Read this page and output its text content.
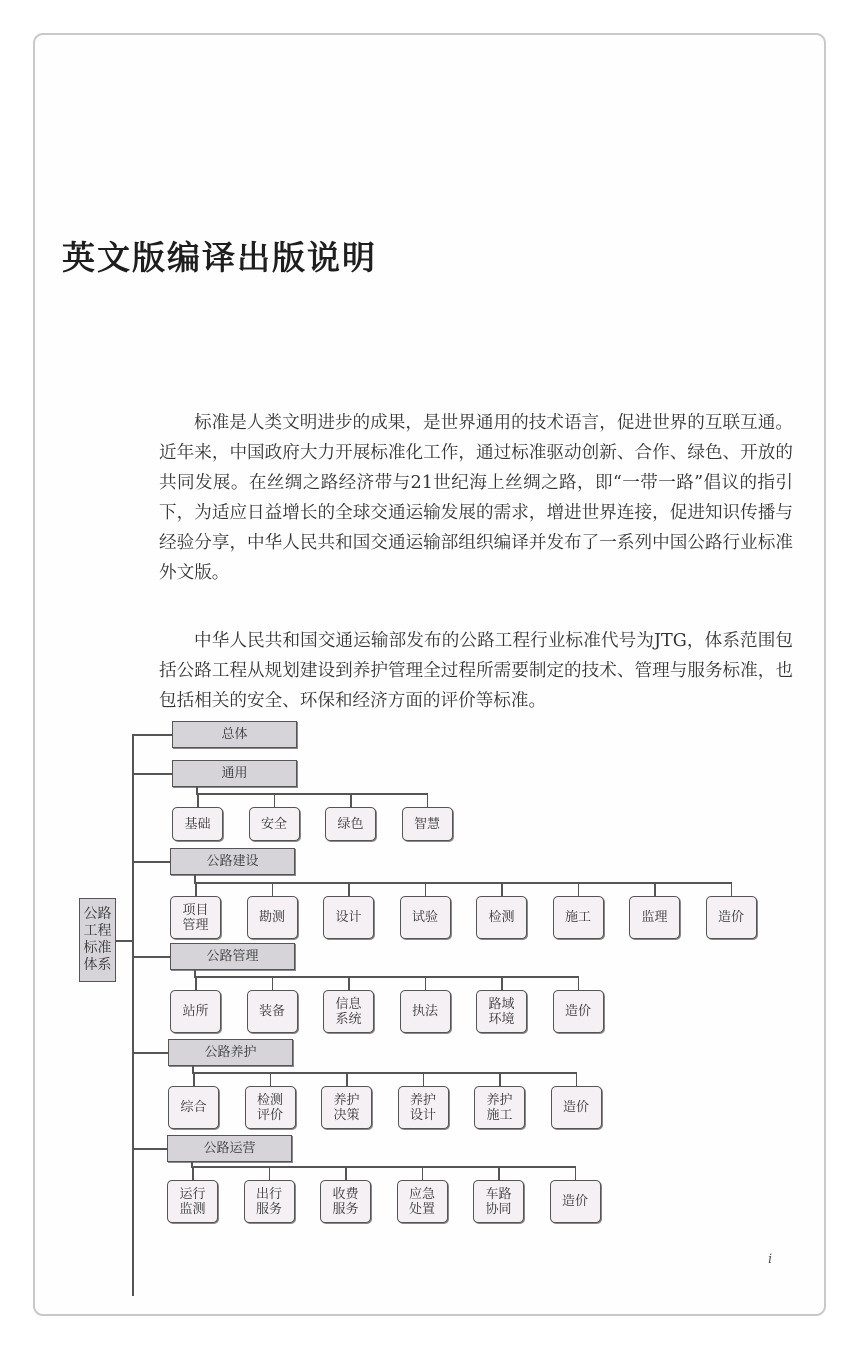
英文版编译出版说明
标准是人类文明进步的成果，是世界通用的技术语言，促进世界的互联互通。近年来，中国政府大力开展标准化工作，通过标准驱动创新、合作、绿色、开放的共同发展。在丝绸之路经济带与21世纪海上丝绸之路，即“一带一路”倡议的指引下，为适应日益增长的全球交通运输发展的需求，增进世界连接，促进知识传播与经验分享，中华人民共和国交通运输部组织编译并发布了一系列中国公路行业标准外文版。
中华人民共和国交通运输部发布的公路工程行业标准代号为JTG，体系范围包括公路工程从规划建设到养护管理全过程所需要制定的技术、管理与服务标准，也包括相关的安全、环保和经济方面的评价等标准。
公路
工程
标准
体系
总体
通用
基础	安全	绿色	智慧
公路建设
项目
管理	勘测	设计	试验	检测	施工	监理	造价
公路管理
站所	装备	信息
系统	执法	路域
环境	造价
公路养护
综合	检测
评价
养护
决策
养护
设计
养护
施工	造价
公路运营
运行
监测
出行
服务
收费
服务
应急
处置
车路
协同	造价
i
